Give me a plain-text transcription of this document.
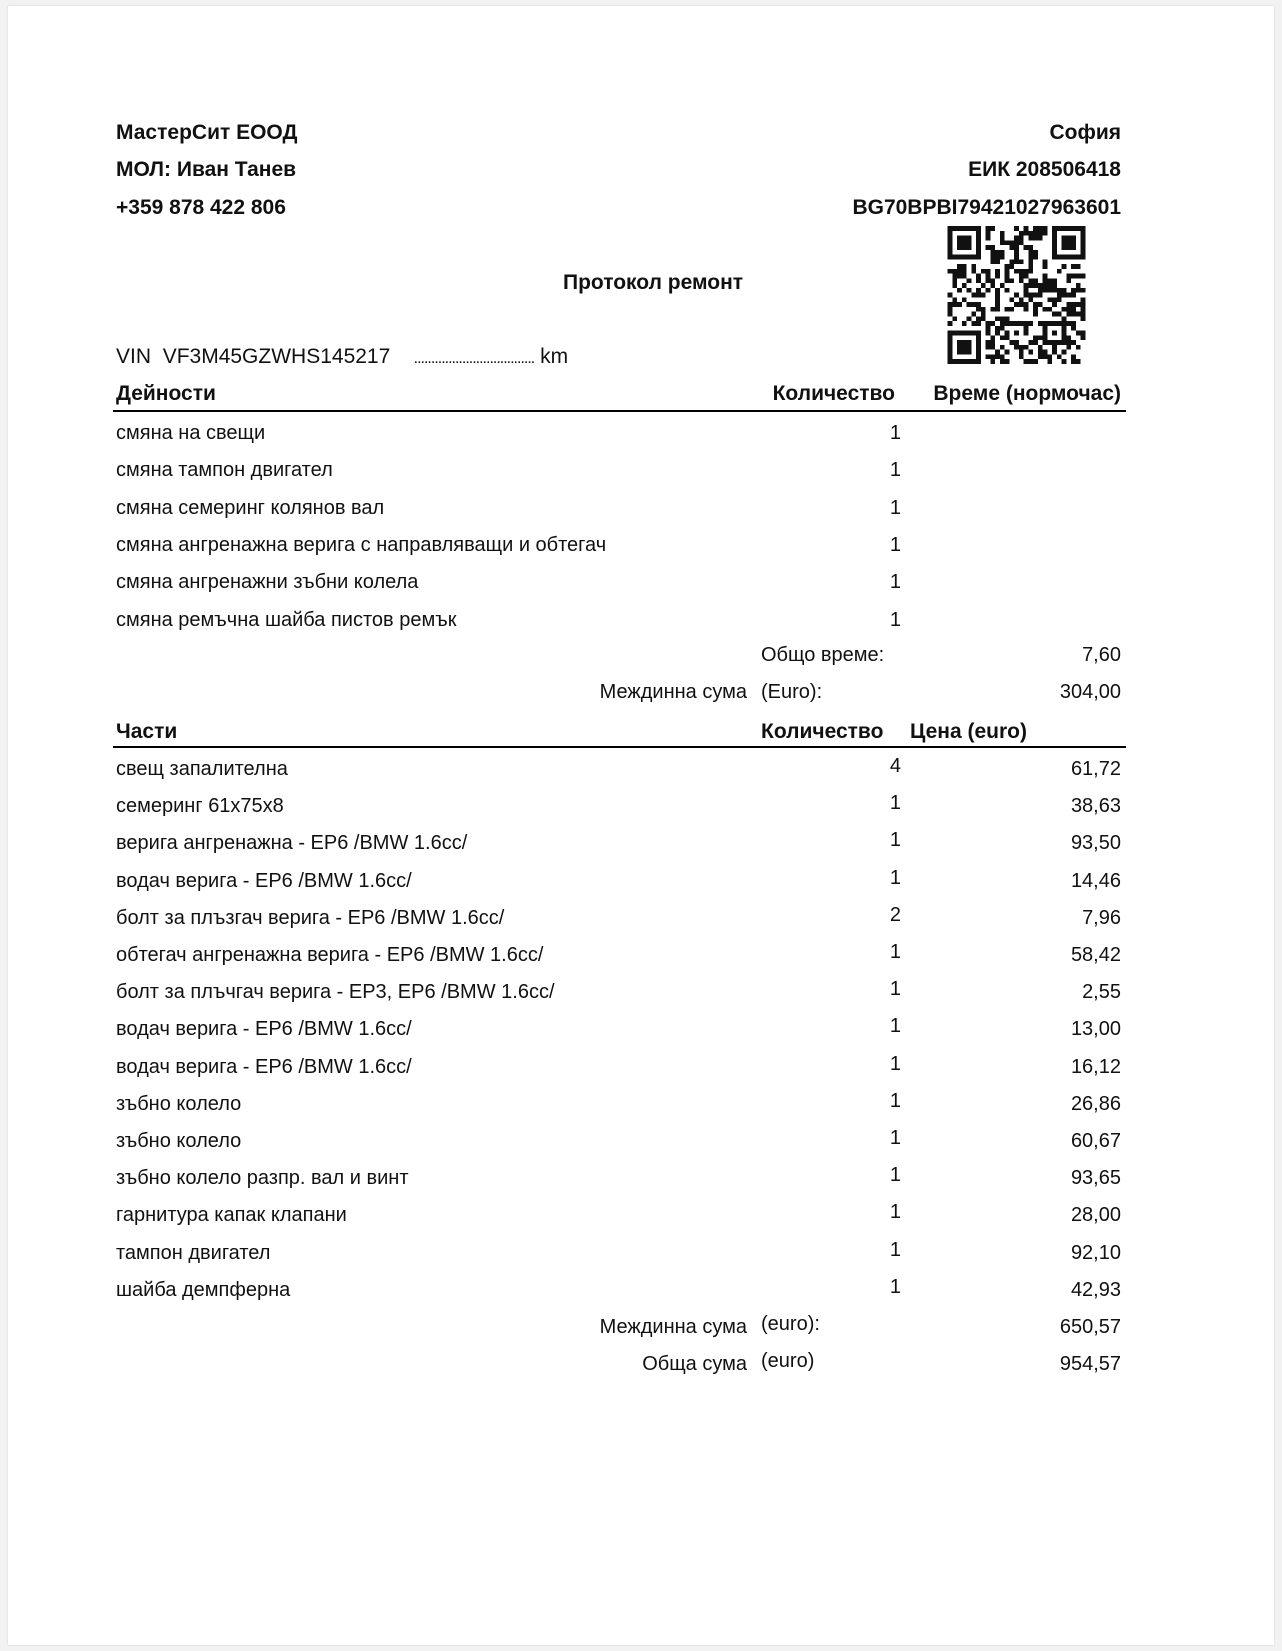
МастерСит ЕООД
МОЛ: Иван Танев
+359 878 422 806
София
ЕИК 208506418
BG70BPBI79421027963601
Протокол ремонт
VIN VF3M45GZWHS145217 ................................... km
Дейности	Количество Време (нормочас)
смяна на свещи	1
смяна тампон двигател	1
смяна семеринг колянов вал	1
смяна ангренажна верига с направляващи и обтегач	1
смяна ангренажни зъбни колела	1
смяна ремъчна шайба пистов ремък	1
Общо време:	7,60
Междинна сума (Euro):	304,00
Части	Количество Цена (euro)
свещ запалителна	4	61,72
семеринг 61x75x8	1	38,63
верига ангренажна - EP6 /BMW 1.6cc/	1	93,50
водач верига - EP6 /BMW 1.6cc/	1	14,46
болт за плъзгач верига - EP6 /BMW 1.6cc/	2	7,96
обтегач ангренажна верига - EP6 /BMW 1.6cc/	1	58,42
болт за плъчгач верига - EP3, EP6 /BMW 1.6cc/	1	2,55
водач верига - EP6 /BMW 1.6cc/	1	13,00
водач верига - EP6 /BMW 1.6cc/	1	16,12
зъбно колело	1	26,86
зъбно колело	1	60,67
зъбно колело разпр. вал и винт	1	93,65
гарнитура капак клапани	1	28,00
тампон двигател	1	92,10
шайба демпферна	1	42,93
Междинна сума (euro):	650,57
Обща сума (euro)	954,57
